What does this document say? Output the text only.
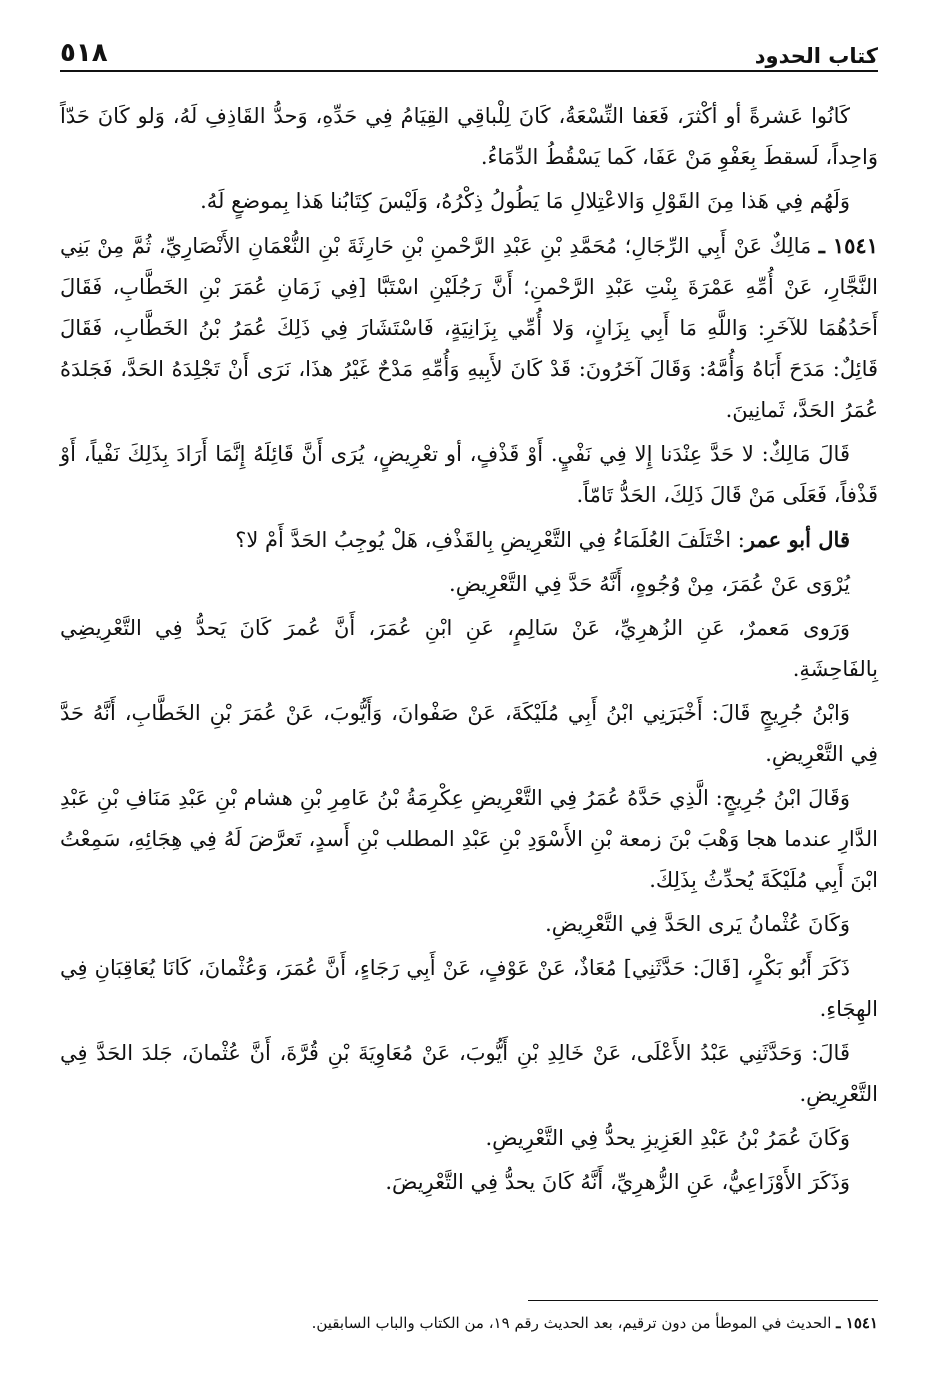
٥١٨	كتاب الحدود

كَانُوا عَشرةً أو أكْثرَ، فَعَفا التِّسْعَةُ، كَانَ لِلْباقِي القِيَامُ فِي حَدِّهِ، وَحدُّ القَاذِفِ لَهُ، وَلو كَانَ حَدّاً وَاحِداً، لَسقطَ بِعَفْوِ مَنْ عَفَا، كَما يَسْقُطُ الدِّمَاءُ.

وَلَهُم فِي هَذا مِنَ القَوْلِ وَالاعْتِلالِ مَا يَطُولُ ذِكْرُهُ، وَلَيْسَ كِتَابُنا هَذا بِموضعٍ لَهُ.

١٥٤١ ـ مَالِكٌ عَنْ أَبِي الرِّجَالِ؛ مُحَمَّدِ بْنِ عَبْدِ الرَّحْمنِ بْنِ حَارِثَةَ بْنِ النُّعْمَانِ الأَنْصَارِيِّ، ثُمَّ مِنْ بَنِي النَّجَّارِ، عَنْ أُمِّهِ عَمْرَةَ بِنْتِ عَبْدِ الرَّحْمنِ؛ أَنَّ رَجُلَيْنِ اسْتَبَّا [فِي زَمَانِ عُمَرَ بْنِ الخَطَّابِ، فَقَالَ أَحَدُهُمَا للآخَرِ: وَاللَّهِ مَا أَبِي بِزَانٍ، وَلا أُمِّي بِزَانِيَةٍ، فَاسْتَشَارَ فِي ذَلِكَ عُمَرُ بْنُ الخَطَّابِ، فَقَالَ قَائِلٌ: مَدَحَ أَبَاهُ وَأُمَّهُ: وَقَالَ آخَرُونَ: قَدْ كَانَ لأَبِيهِ وَأُمِّهِ مَدْحٌ غَيْرُ هذَا، نَرَى أَنْ تَجْلِدَهُ الحَدَّ، فَجَلدَهُ عُمَرُ الحَدَّ، ثَمانِينَ.

قَالَ مَالِكٌ: لا حَدَّ عِنْدَنا إِلا فِي نَفْيٍ. أَوْ قَذْفٍ، أو تعْرِيضٍ، يُرَى أَنَّ قَائِلَهُ إِنَّمَا أَرَادَ بِذَلِكَ نَفْياً، أَوْ قَذْفاً، فَعَلَى مَنْ قَالَ ذَلِكَ، الحَدُّ تَامّاً.

قال أبو عمر: اخْتَلَفَ العُلَمَاءُ فِي التَّعْرِيضِ بِالقَذْفِ، هَلْ يُوجِبُ الحَدَّ أَمْ لا؟

يُرْوَى عَنْ عُمَرَ، مِنْ وُجُوهٍ، أَنَّهُ حَدَّ فِي التَّعْرِيضِ.

وَرَوى مَعمرٌ، عَنِ الزُهرِيِّ، عَنْ سَالِمٍ، عَنِ ابْنِ عُمَرَ، أَنَّ عُمرَ كَانَ يَحدُّ فِي التَّعْرِيضِي بِالفَاحِشَةِ.

وَابْنُ جُرِيجٍ قَالَ: أَخْبَرَنِي ابْنُ أَبِي مُلَيْكَةَ، عَنْ صَفْوانَ، وَأَيُّوبَ، عَنْ عُمَرَ بْنِ الخَطَّابِ، أَنَّهُ حَدَّ فِي التَّعْرِيضِ.

وَقَالَ ابْنُ جُرِيجٍ: الَّذِي حَدَّهُ عُمَرُ فِي التَّعْرِيضِ عِكْرِمَةُ بْنُ عَامِرِ بْنِ هشام بْنِ عَبْدِ مَنَافِ بْنِ عَبْدِ الدَّارِ عندما هجا وَهْبَ بْنَ زمعة بْنِ الأَسْوَدِ بْنِ عَبْدِ المطلب بْنِ أَسدٍ، تَعرَّضَ لَهُ فِي هِجَائِهِ، سَمِعْتُ ابْنَ أَبِي مُلَيْكَةَ يُحدِّثُ بِذَلِكَ.

وَكَانَ عُثْمانُ يَرى الحَدَّ فِي التَّعْرِيضِ.

ذَكَرَ أَبُو بَكْرٍ، [قَالَ: حَدَّثَنِي] مُعَاذٌ، عَنْ عَوْفٍ، عَنْ أَبِي رَجَاءٍ، أَنَّ عُمَرَ، وَعُثْمانَ، كَانَا يُعَاقِبَانِ فِي الهِجَاءِ.

قَالَ: وَحَدَّثَنِي عَبْدُ الأَعْلَى، عَنْ خَالِدِ بْنِ أَيُّوبَ، عَنْ مُعَاوِيَةَ بْنِ قُرَّةَ، أَنَّ عُثْمانَ، جَلدَ الحَدَّ فِي التَّعْرِيضِ.

وَكَانَ عُمَرُ بْنُ عَبْدِ العَزِيزِ يحدُّ فِي التَّعْرِيضِ.

وَذَكَرَ الأَوْزَاعِيُّ، عَنِ الزُّهرِيِّ، أَنَّهُ كَانَ يحدُّ فِي التَّعْرِيضَ.

١٥٤١ ـ الحديث في الموطأ من دون ترقيم، بعد الحديث رقم ١٩، من الكتاب والباب السابقين.
